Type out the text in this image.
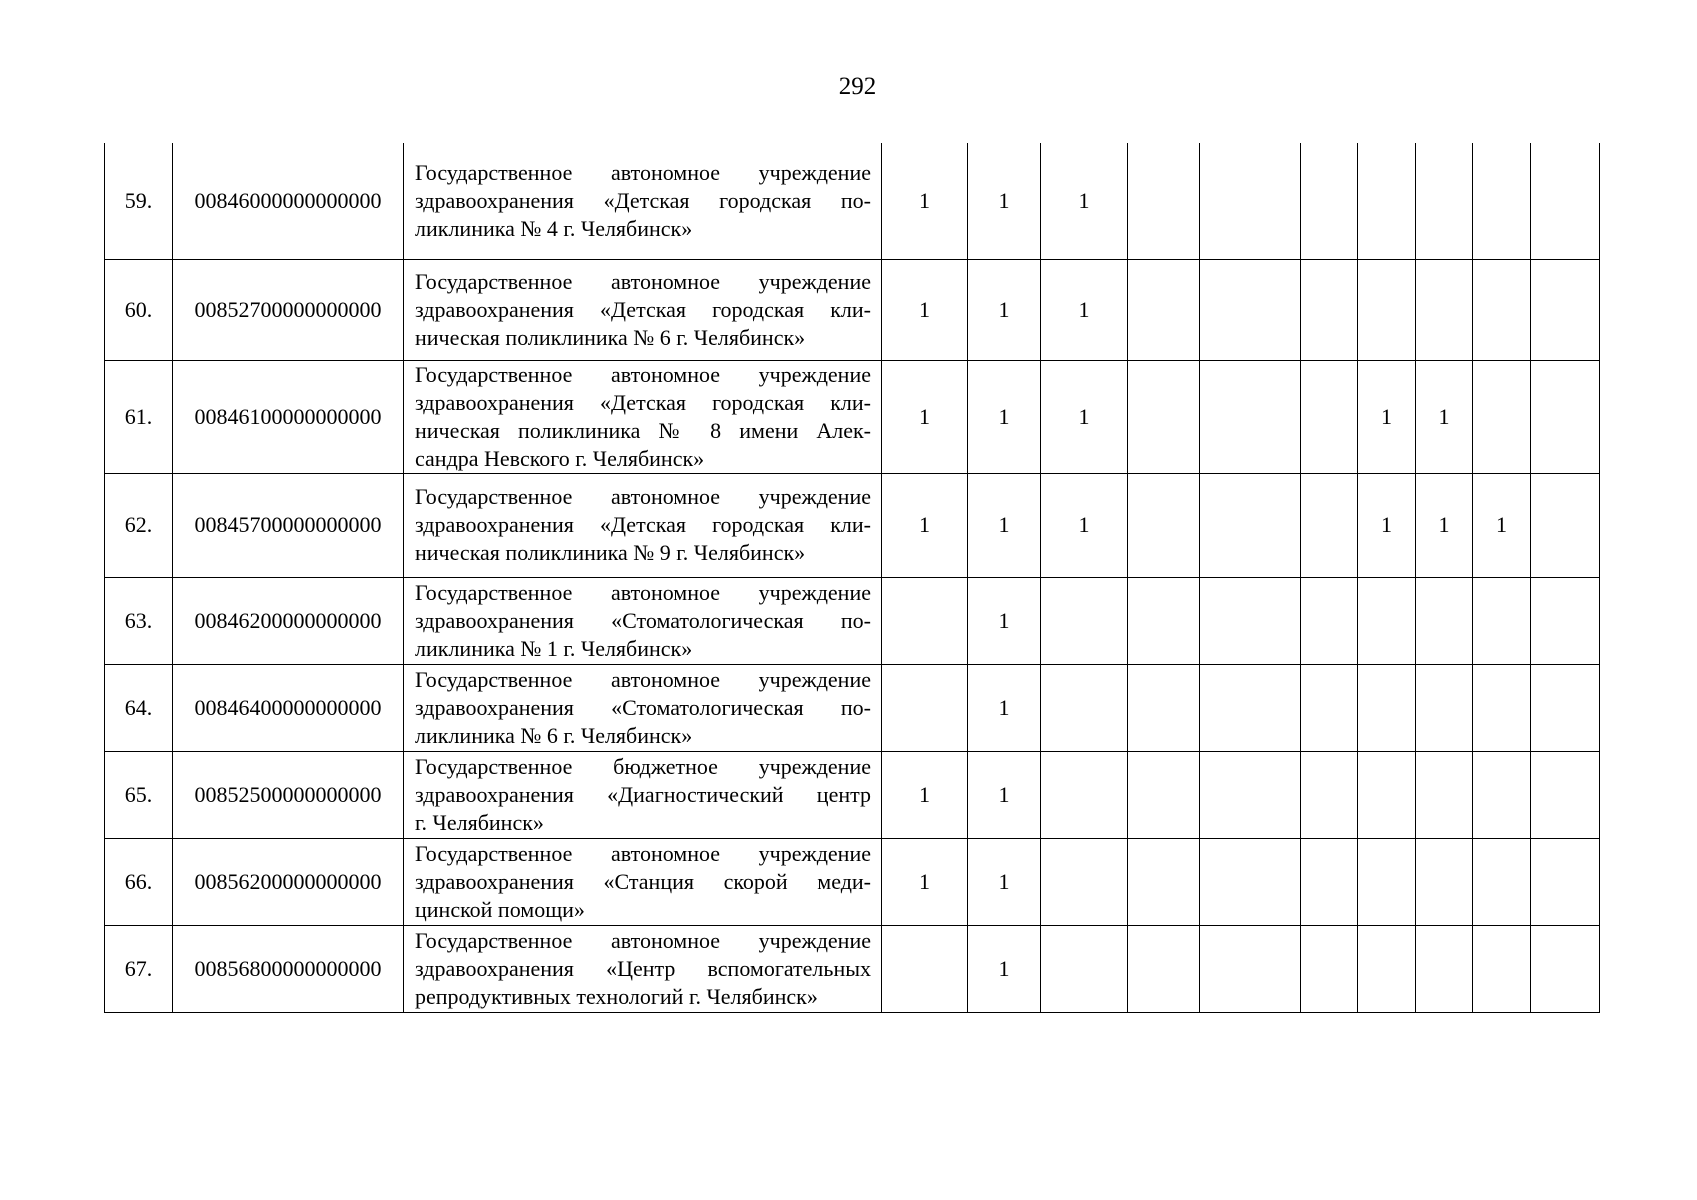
292
59.	00846000000000000	Государственное автономное учреждение
здравоохранения «Детская городская по-
ликлиника № 4 г. Челябинск»	1	1	1							
60.	00852700000000000	Государственное автономное учреждение
здравоохранения «Детская городская кли-
ническая поликлиника № 6 г. Челябинск»	1	1	1							
61.	00846100000000000	Государственное автономное учреждение
здравоохранения «Детская городская кли-
ническая поликлиника № 8 имени Алек-
сандра Невского г. Челябинск»	1	1	1				1	1		
62.	00845700000000000	Государственное автономное учреждение
здравоохранения «Детская городская кли-
ническая поликлиника № 9 г. Челябинск»	1	1	1				1	1	1	
63.	00846200000000000	Государственное автономное учреждение
здравоохранения «Стоматологическая по-
ликлиника № 1 г. Челябинск»		1								
64.	00846400000000000	Государственное автономное учреждение
здравоохранения «Стоматологическая по-
ликлиника № 6 г. Челябинск»		1								
65.	00852500000000000	Государственное бюджетное учреждение
здравоохранения «Диагностический центр
г. Челябинск»	1	1								
66.	00856200000000000	Государственное автономное учреждение
здравоохранения «Станция скорой меди-
цинской помощи»	1	1								
67.	00856800000000000	Государственное автономное учреждение
здравоохранения «Центр вспомогательных
репродуктивных технологий г. Челябинск»		1								
